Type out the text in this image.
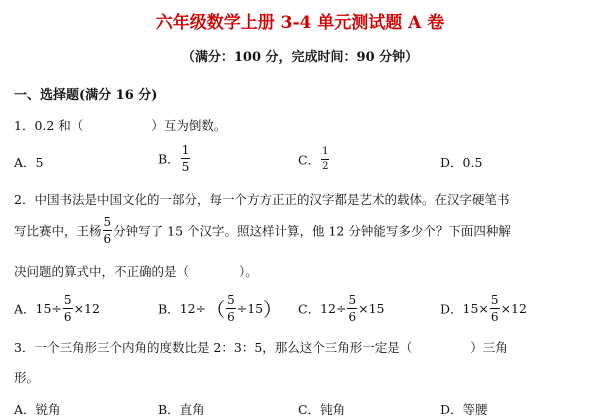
六年级数学上册 3-4 单元测试题 A 卷
（满分：100 分，完成时间：90 分钟）
一、选择题(满分 16 分)
1．0.2 和（	）互为倒数。
A．5	B． $\frac{1}{5}$	C． $\frac{1}{2}$	D．0.5
2．中国书法是中国文化的一部分，每一个方方正正的汉字都是艺术的载体。在汉字硬笔书
写比赛中，王杨 $\frac{5}{6}$ 分钟写了 15 个汉字。照这样计算，他 12 分钟能写多少个？下面四种解
决问题的算式中，不正确的是（　　　　）。
A．$15\div \frac{5}{6} \times 12$	B．$12\div( \frac{5}{6} \div 15)$ C．$12\div \frac{5}{6} \times 15$	D．$15\times \frac{5}{6} \times 12$
3．一个三角形三个内角的度数比是 2：3：5，那么这个三角形一定是（	）三角
形。
A．锐角	B．直角	C．钝角	D．等腰
